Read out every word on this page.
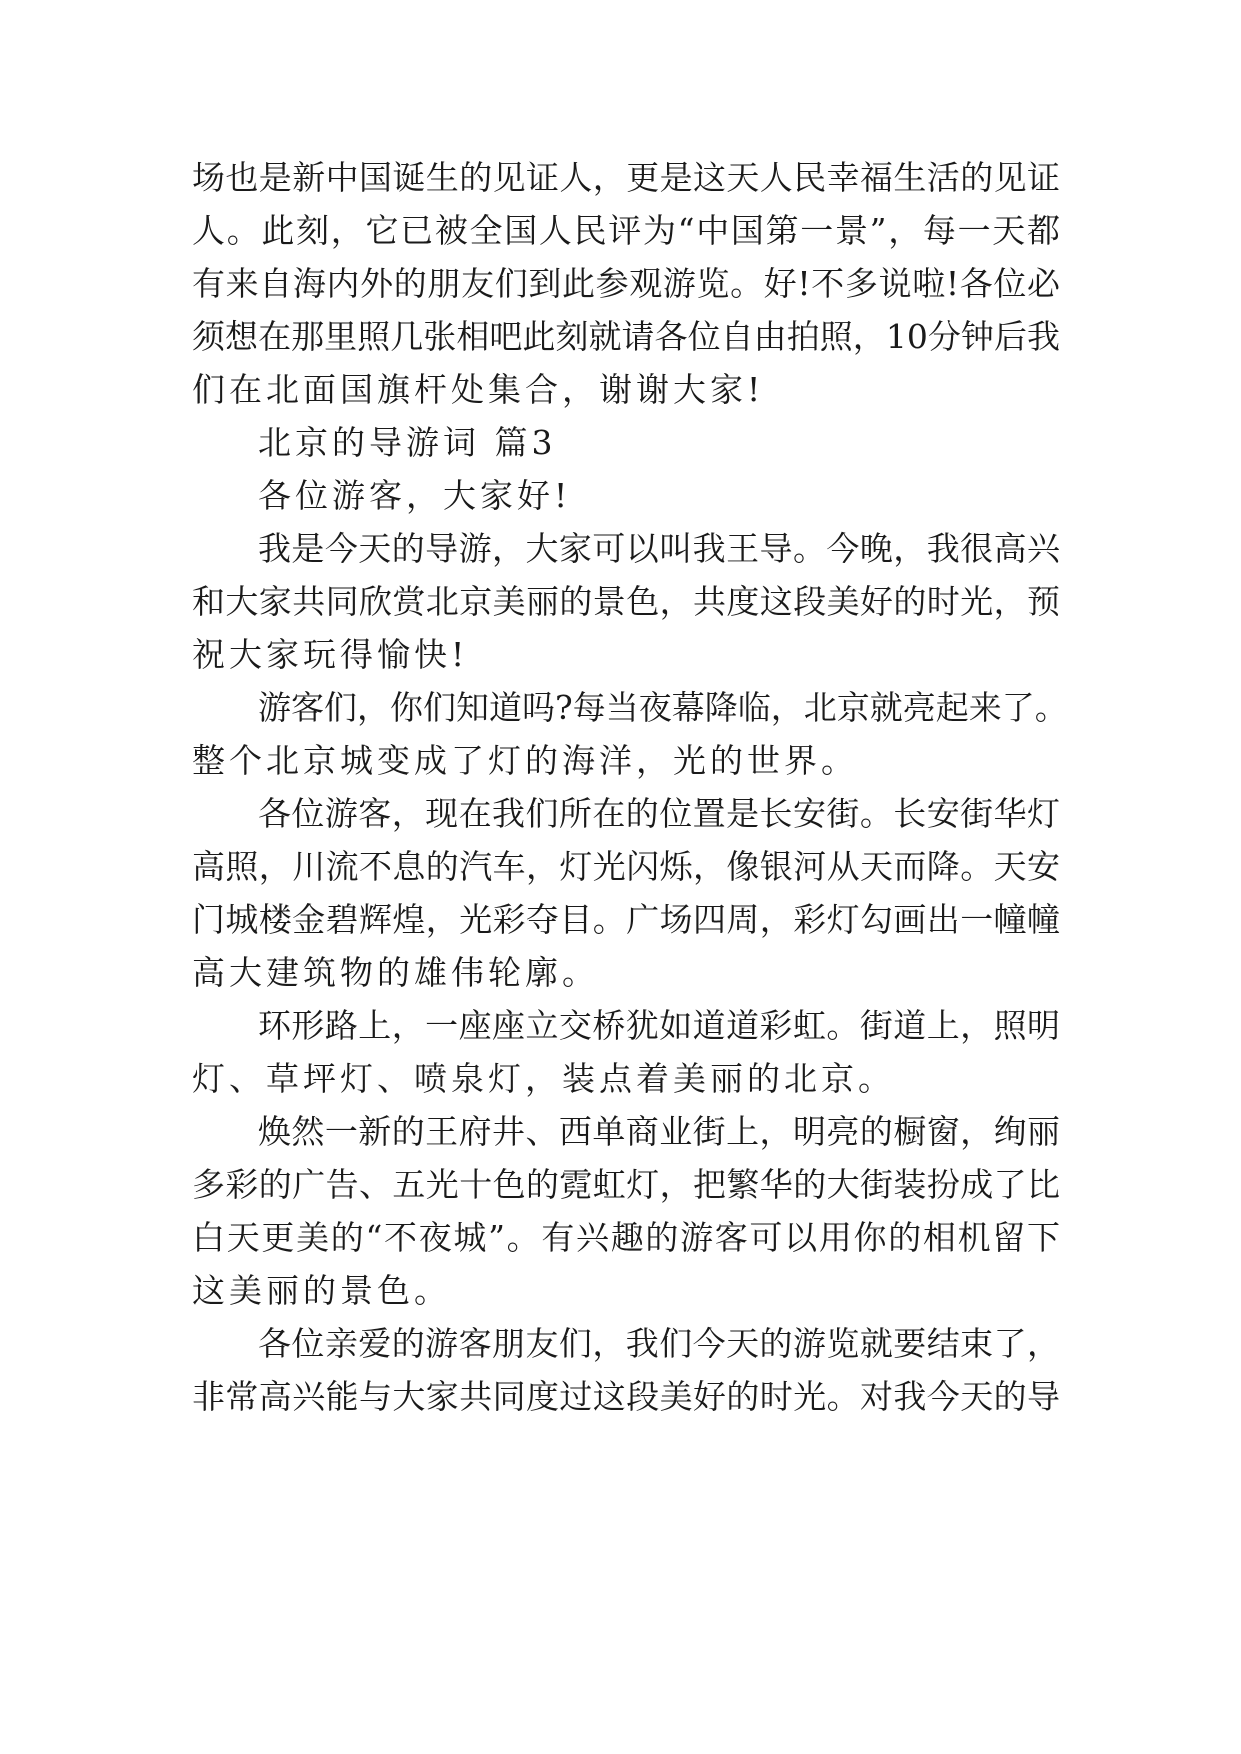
场也是新中国诞生的见证人，更是这天人民幸福生活的见证
人。此刻，它已被全国人民评为“中国第一景”，每一天都
有来自海内外的朋友们到此参观游览。好!不多说啦!各位必
须想在那里照几张相吧此刻就请各位自由拍照，10分钟后我
们在北面国旗杆处集合，谢谢大家!
北京的导游词 篇3
各位游客，大家好!
我是今天的导游，大家可以叫我王导。今晚，我很高兴
和大家共同欣赏北京美丽的景色，共度这段美好的时光，预
祝大家玩得愉快!
游客们，你们知道吗?每当夜幕降临，北京就亮起来了。
整个北京城变成了灯的海洋，光的世界。
各位游客，现在我们所在的位置是长安街。长安街华灯
高照，川流不息的汽车，灯光闪烁，像银河从天而降。天安
门城楼金碧辉煌，光彩夺目。广场四周，彩灯勾画出一幢幢
高大建筑物的雄伟轮廓。
环形路上，一座座立交桥犹如道道彩虹。街道上，照明
灯、草坪灯、喷泉灯，装点着美丽的北京。
焕然一新的王府井、西单商业街上，明亮的橱窗，绚丽
多彩的广告、五光十色的霓虹灯，把繁华的大街装扮成了比
白天更美的“不夜城”。有兴趣的游客可以用你的相机留下
这美丽的景色。
各位亲爱的游客朋友们，我们今天的游览就要结束了，
非常高兴能与大家共同度过这段美好的时光。对我今天的导
